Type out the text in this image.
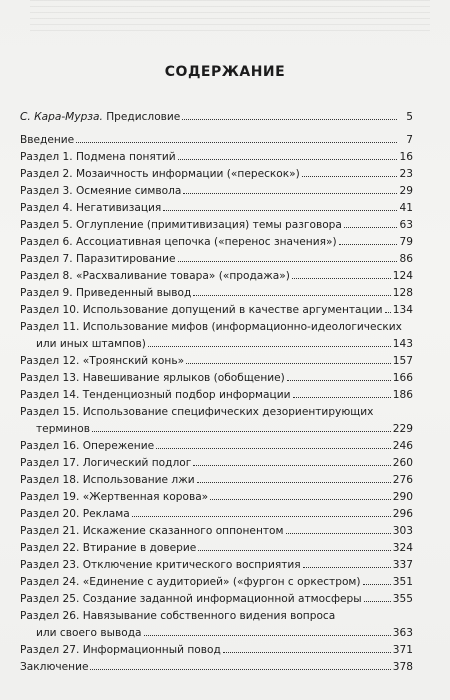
СОДЕРЖАНИЕ
С. Кара-Мурза. Предисловие	5
Введение	7
Раздел 1. Подмена понятий	16
Раздел 2. Мозаичность информации («перескок»)	23
Раздел 3. Осмеяние символа	29
Раздел 4. Негативизация	41
Раздел 5. Оглупление (примитивизация) темы разговора	63
Раздел 6. Ассоциативная цепочка («перенос значения»)	79
Раздел 7. Паразитирование	86
Раздел 8. «Расхваливание товара» («продажа»)	124
Раздел 9. Приведенный вывод	128
Раздел 10. Использование допущений в качестве аргументации 134
Раздел 11. Использование мифов (информационно-идеологических
или иных штампов)	143
Раздел 12. «Троянский конь»	157
Раздел 13. Навешивание ярлыков (обобщение)	166
Раздел 14. Тенденциозный подбор информации	186
Раздел 15. Использование специфических дезориентирующих
терминов	229
Раздел 16. Опережение	246
Раздел 17. Логический подлог	260
Раздел 18. Использование лжи	276
Раздел 19. «Жертвенная корова»	290
Раздел 20. Реклама	296
Раздел 21. Искажение сказанного оппонентом	303
Раздел 22. Втирание в доверие	324
Раздел 23. Отключение критического восприятия	337
Раздел 24. «Единение с аудиторией» («фургон с оркестром)	351
Раздел 25. Создание заданной информационной атмосферы	355
Раздел 26. Навязывание собственного видения вопроса
или своего вывода	363
Раздел 27. Информационный повод	371
Заключение	378
